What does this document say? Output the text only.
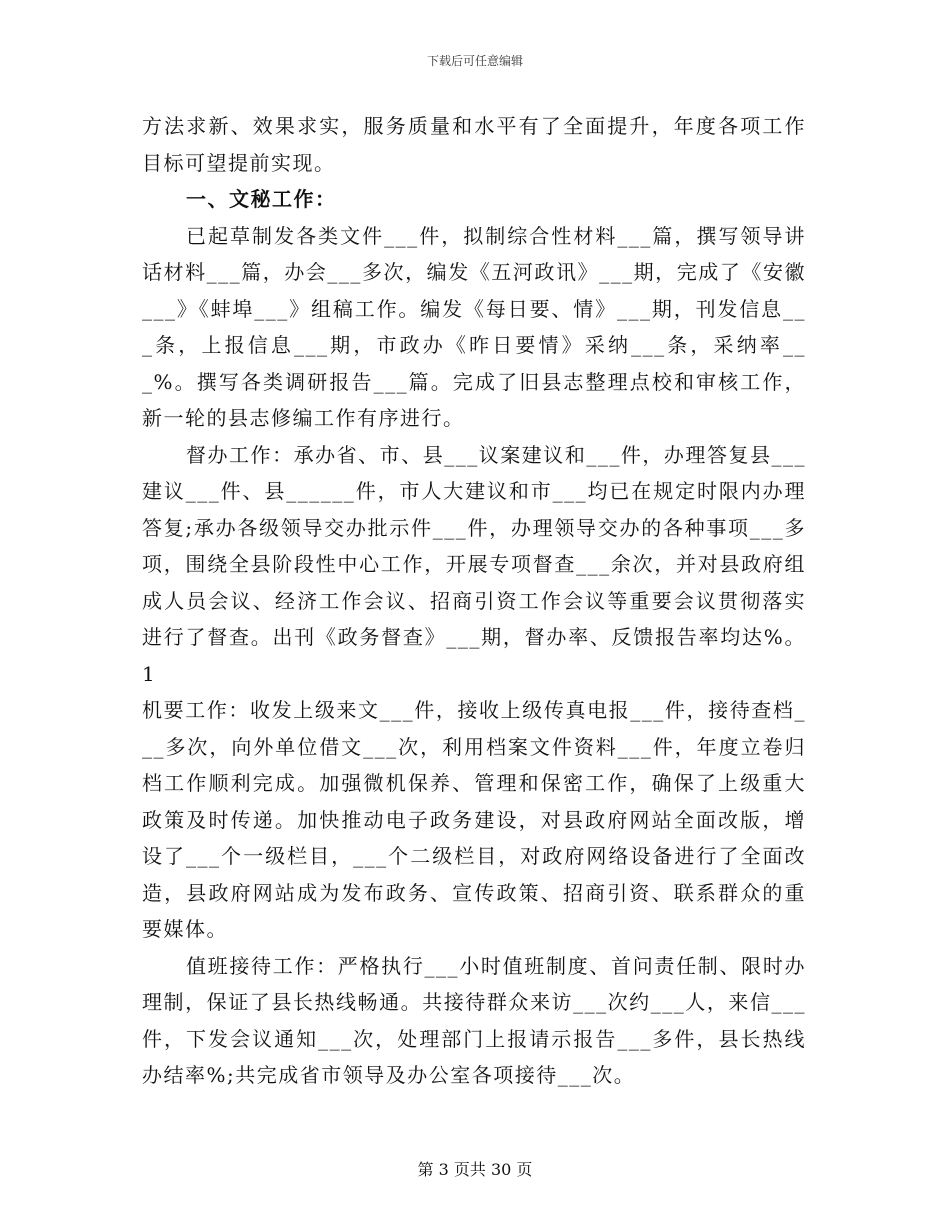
下载后可任意编辑

方法求新、效果求实，服务质量和水平有了全面提升，年度各项工作目标可望提前实现。

一、文秘工作：

已起草制发各类文件___件，拟制综合性材料___篇，撰写领导讲话材料___篇，办会___多次，编发《五河政讯》___期，完成了《安徽___》《蚌埠___》组稿工作。编发《每日要、情》___期，刊发信息___条，上报信息___期，市政办《昨日要情》采纳___条，采纳率___%。撰写各类调研报告___篇。完成了旧县志整理点校和审核工作，新一轮的县志修编工作有序进行。

督办工作：承办省、市、县___议案建议和___件，办理答复县___建议___件、县______件，市人大建议和市___均已在规定时限内办理答复;承办各级领导交办批示件___件，办理领导交办的各种事项___多项，围绕全县阶段性中心工作，开展专项督查___余次，并对县政府组成人员会议、经济工作会议、招商引资工作会议等重要会议贯彻落实进行了督查。出刊《政务督查》___期，督办率、反馈报告率均达%。1

机要工作：收发上级来文___件，接收上级传真电报___件，接待查档___多次，向外单位借文___次，利用档案文件资料___件，年度立卷归档工作顺利完成。加强微机保养、管理和保密工作，确保了上级重大政策及时传递。加快推动电子政务建设，对县政府网站全面改版，增设了___个一级栏目，___个二级栏目，对政府网络设备进行了全面改造，县政府网站成为发布政务、宣传政策、招商引资、联系群众的重要媒体。

值班接待工作：严格执行___小时值班制度、首问责任制、限时办理制，保证了县长热线畅通。共接待群众来访___次约___人，来信___件，下发会议通知___次，处理部门上报请示报告___多件，县长热线办结率%;共完成省市领导及办公室各项接待___次。

第 3 页共 30 页
